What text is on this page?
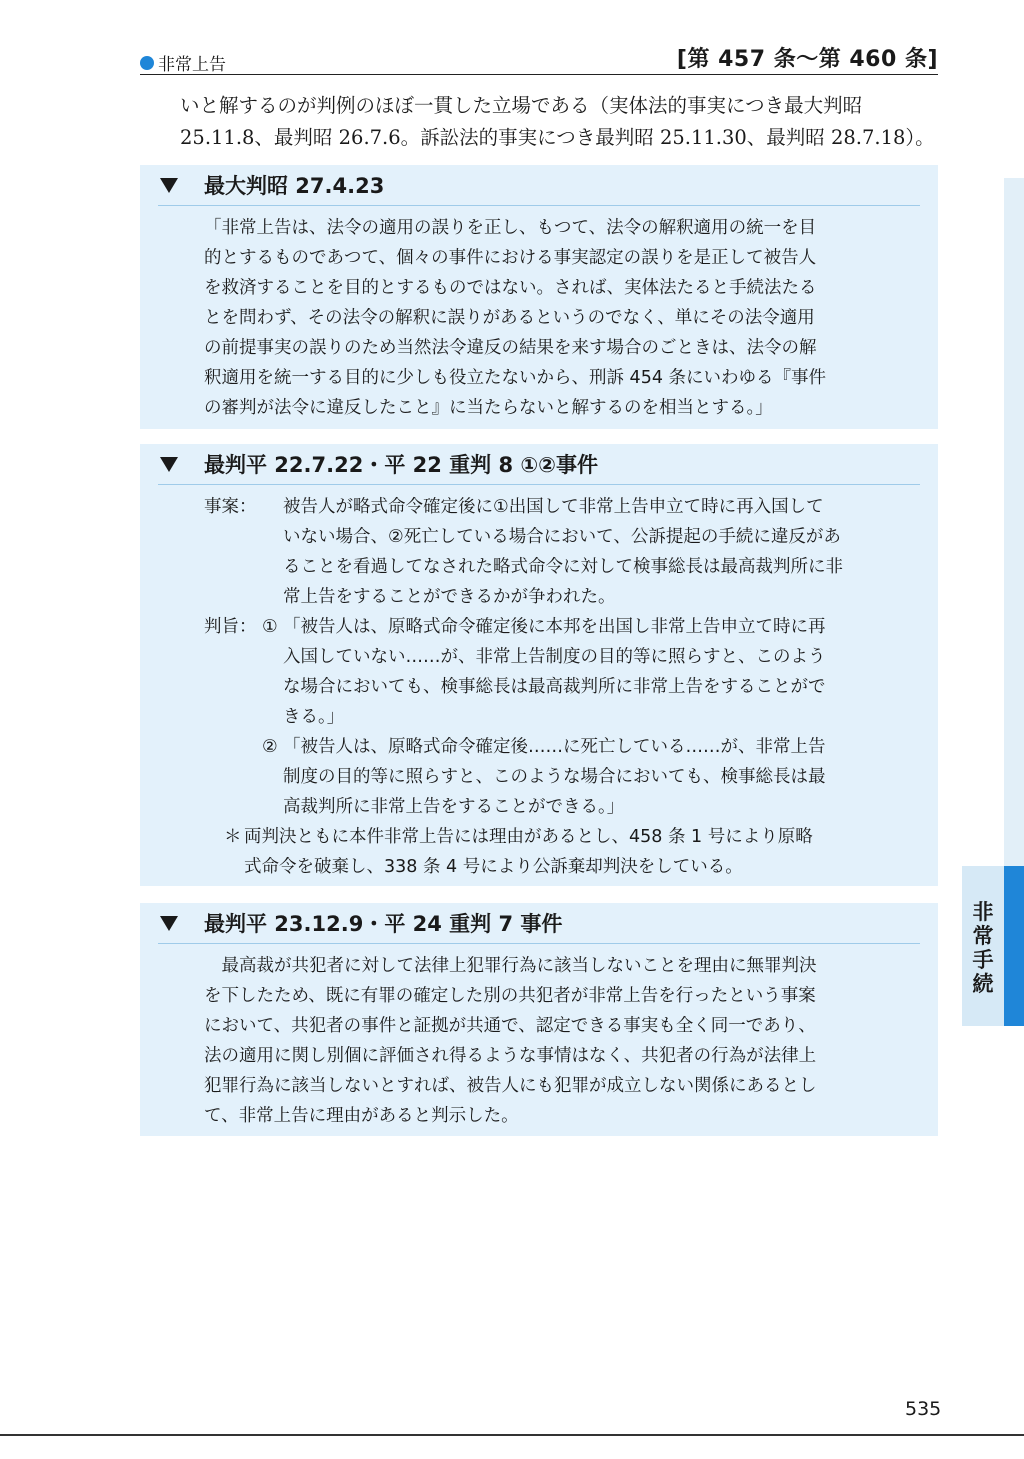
非常上告	[第 457 条〜第 460 条]
いと解するのが判例のほぼ一貫した立場である（実体法的事実につき最大判昭
25.11.8、最判昭 26.7.6。訴訟法的事実につき最判昭 25.11.30、最判昭 28.7.18）。
最大判昭 27.4.23
「非常上告は、法令の適用の誤りを正し、もつて、法令の解釈適用の統一を目
的とするものであつて、個々の事件における事実認定の誤りを是正して被告人
を救済することを目的とするものではない。されば、実体法たると手続法たる
とを問わず、その法令の解釈に誤りがあるというのでなく、単にその法令適用
の前提事実の誤りのため当然法令違反の結果を来す場合のごときは、法令の解
釈適用を統一する目的に少しも役立たないから、刑訴 454 条にいわゆる『事件
の審判が法令に違反したこと』に当たらないと解するのを相当とする。」
最判平 22.7.22・平 22 重判 8 ①②事件
事案： 被告人が略式命令確定後に①出国して非常上告申立て時に再入国して
いない場合、②死亡している場合において、公訴提起の手続に違反があ
ることを看過してなされた略式命令に対して検事総長は最高裁判所に非
常上告をすることができるかが争われた。
判旨： ① 「被告人は、原略式命令確定後に本邦を出国し非常上告申立て時に再
入国していない……が、非常上告制度の目的等に照らすと、このよう
な場合においても、検事総長は最高裁判所に非常上告をすることがで
きる。」
② 「被告人は、原略式命令確定後……に死亡している……が、非常上告
制度の目的等に照らすと、このような場合においても、検事総長は最
高裁判所に非常上告をすることができる。」
＊ 両判決ともに本件非常上告には理由があるとし、458 条 1 号により原略
式命令を破棄し、338 条 4 号により公訴棄却判決をしている。
最判平 23.12.9・平 24 重判 7 事件
　最高裁が共犯者に対して法律上犯罪行為に該当しないことを理由に無罪判決
を下したため、既に有罪の確定した別の共犯者が非常上告を行ったという事案
において、共犯者の事件と証拠が共通で、認定できる事実も全く同一であり、
法の適用に関し別個に評価され得るような事情はなく、共犯者の行為が法律上
犯罪行為に該当しないとすれば、被告人にも犯罪が成立しない関係にあるとし
て、非常上告に理由があると判示した。
非
常
手
続
535
